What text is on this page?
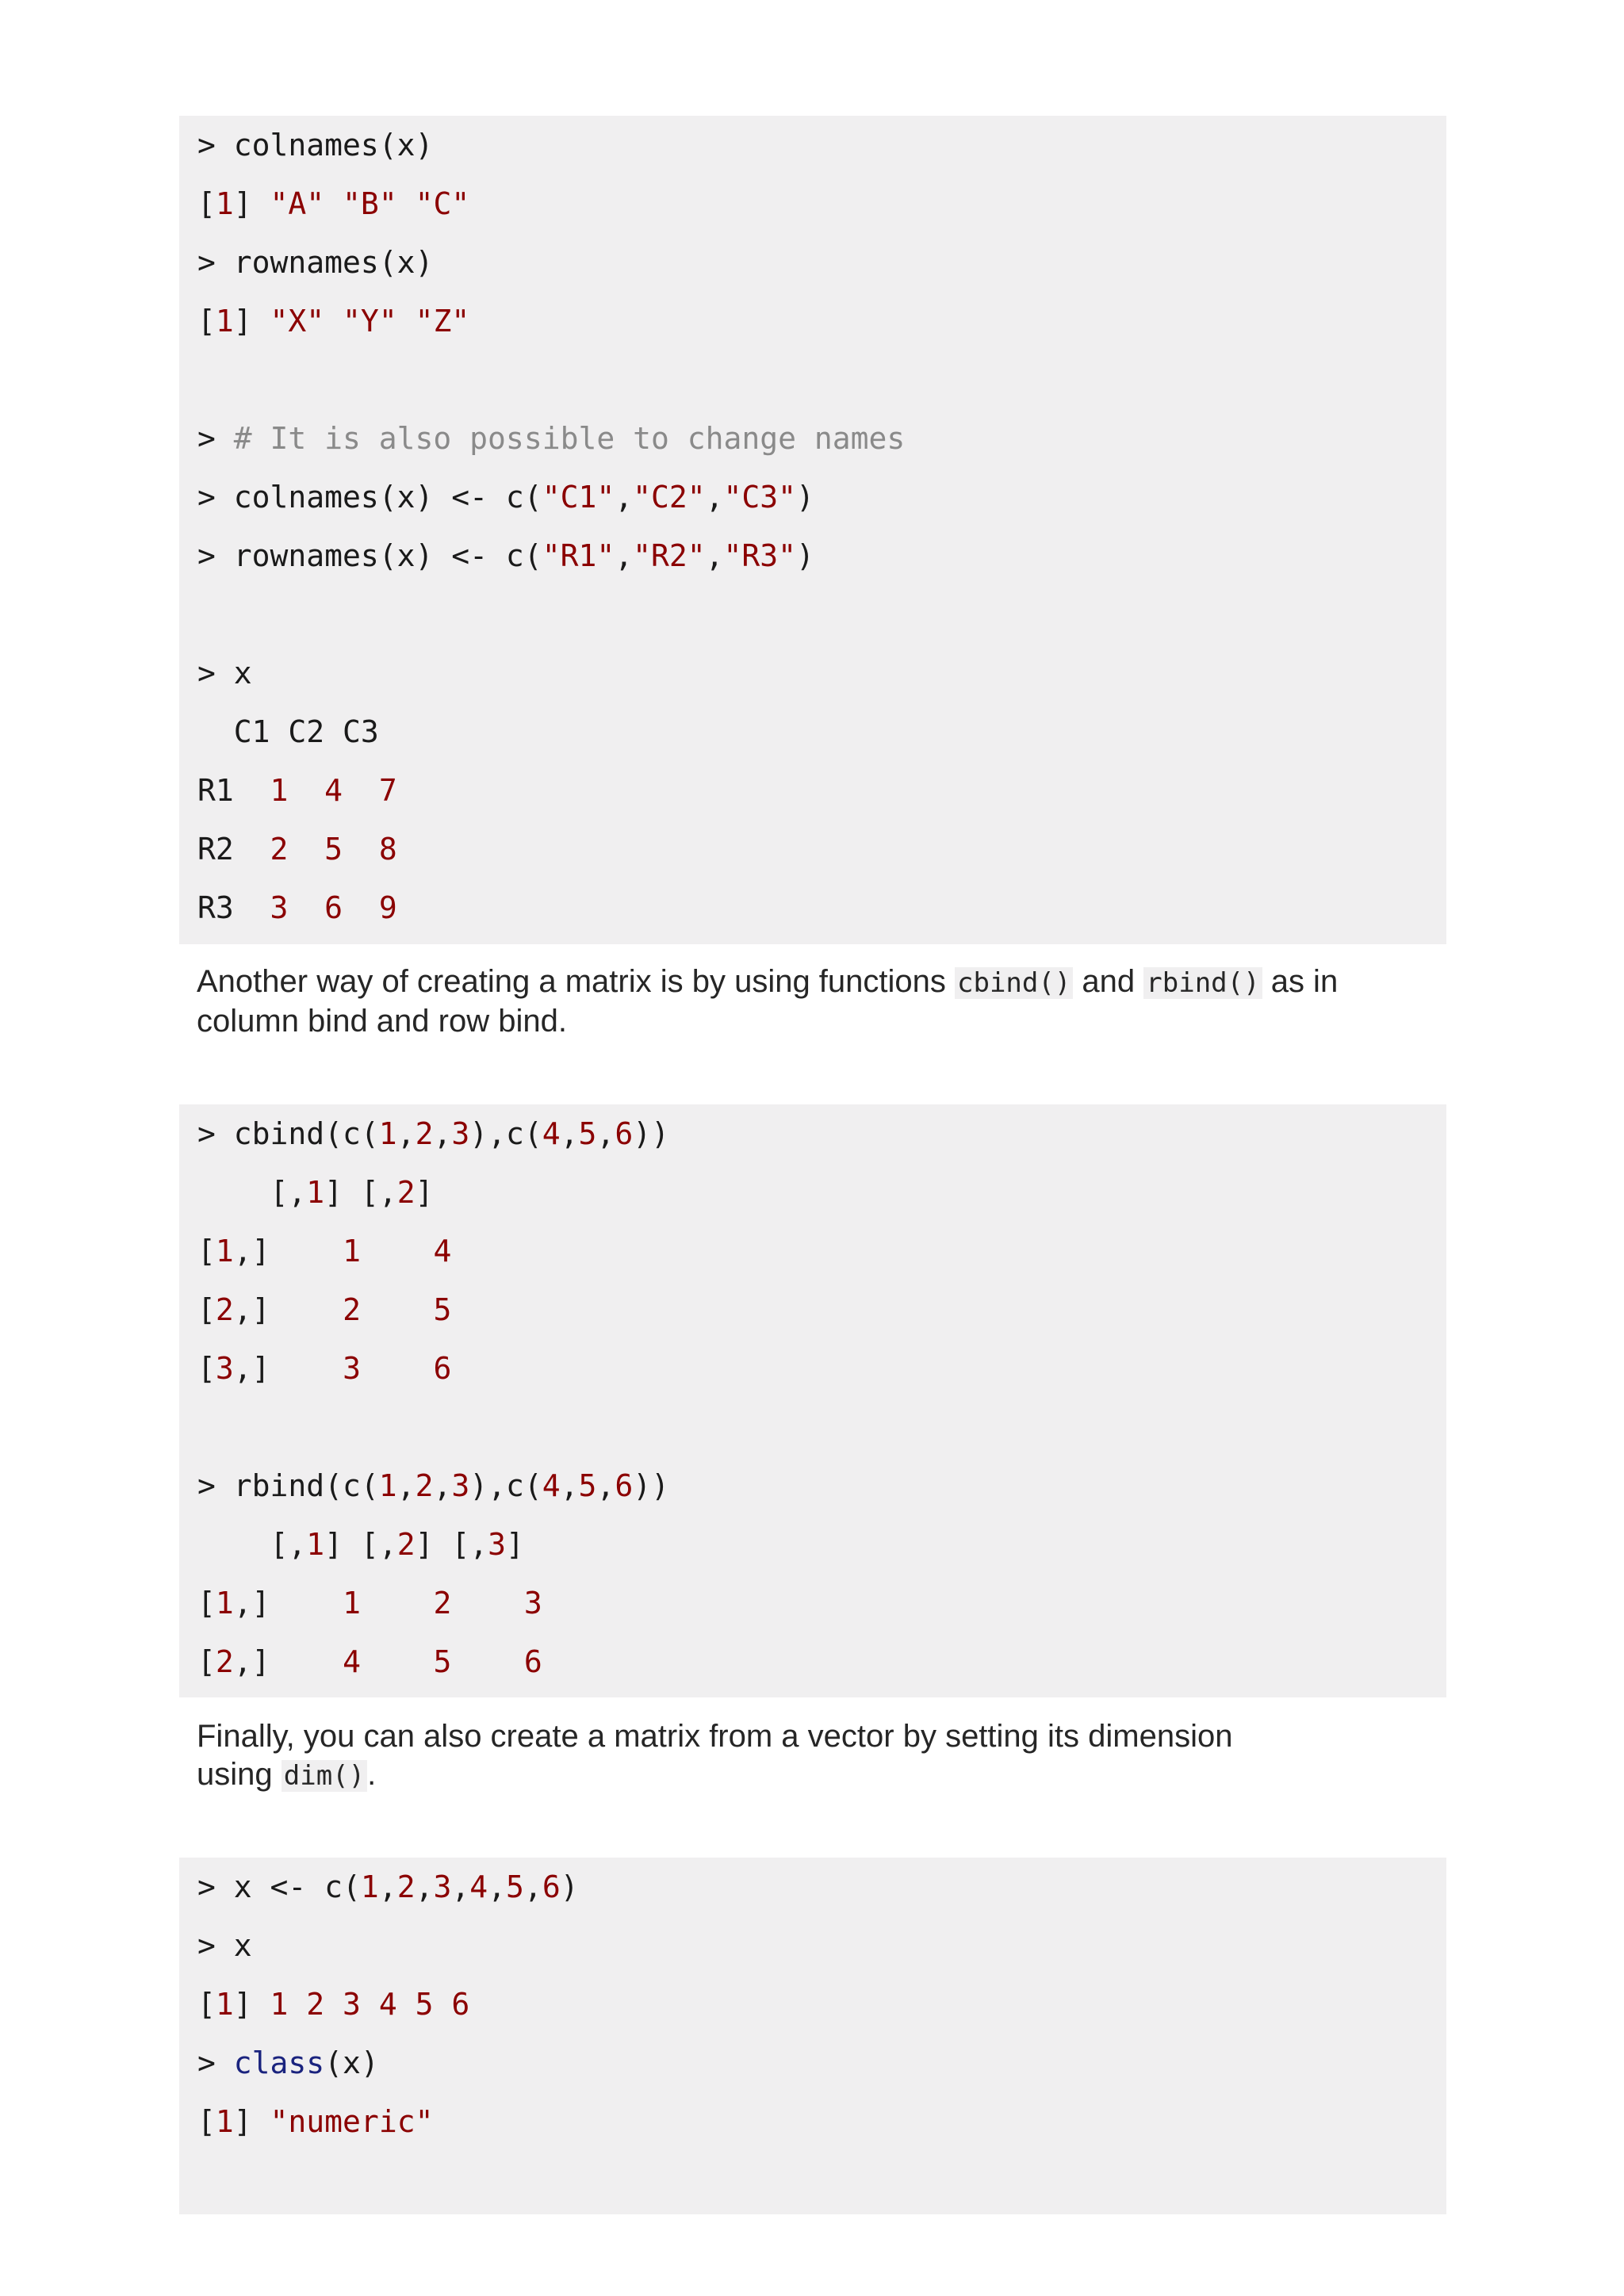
> colnames(x)
[1] "A" "B" "C"
> rownames(x)
[1] "X" "Y" "Z"
> # It is also possible to change names
> colnames(x) <- c("C1","C2","C3")
> rownames(x) <- c("R1","R2","R3")
> x
C1 C2 C3
R1  1 4 7
R2  2 5 8
R3  3 6 9

Another way of creating a matrix is by using functions cbind() and rbind() as in column bind and row bind.

> cbind(c(1,2,3),c(4,5,6))
[,1] [,2]
[1,]    1 4
[2,]    2 5
[3,]    3 6
> rbind(c(1,2,3),c(4,5,6))
[,1] [,2] [,3]
[1,]    1 2 3
[2,]    4 5 6

Finally, you can also create a matrix from a vector by setting its dimension using dim().

> x <- c(1,2,3,4,5,6)
> x
[1] 1 2 3 4 5 6
> class(x)
[1] "numeric"
